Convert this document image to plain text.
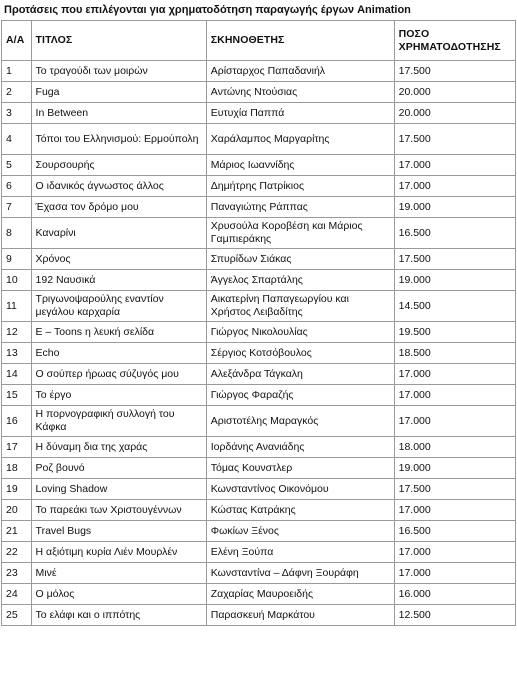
Προτάσεις που επιλέγονται για χρηματοδότηση παραγωγής έργων Animation
Α/Α	ΤΙΤΛΟΣ	ΣΚΗΝΟΘΕΤΗΣ	ΠΟΣΟ ΧΡΗΜΑΤΟΔΟΤΗΣΗΣ
1	Το τραγούδι των μοιρών	Αρίσταρχος Παπαδανιήλ	17.500
2	Fuga	Αντώνης Ντούσιας	20.000
3	In Between	Ευτυχία Παππά	20.000
4	Τόποι του Ελληνισμού: Ερμούπολη	Χαράλαμπος Μαργαρίτης	17.500
5	Σουρσουρής	Μάριος Ιωαννίδης	17.000
6	Ο ιδανικός άγνωστος άλλος	Δημήτρης Πατρίκιος	17.000
7	Έχασα τον δρόμο μου	Παναγιώτης Ράππας	19.000
8	Καναρίνι	Χρυσούλα Κοροβέση και Μάριος Γαμπιεράκης	16.500
9	Χρόνος	Σπυρίδων Σιάκας	17.500
10	192 Ναυσικά	Άγγελος Σπαρτάλης	19.000
11	Τριγωνοψαρούλης εναντίον μεγάλου καρχαρία	Αικατερίνη Παπαγεωργίου και Χρήστος Λειβαδίτης	14.500
12	E – Toons η λευκή σελίδα	Γιώργος Νικολουλίας	19.500
13	Echo	Σέργιος Κοτσόβουλος	18.500
14	Ο σούπερ ήρωας σύζυγός μου	Αλεξάνδρα Τάγκαλη	17.000
15	Το έργο	Γιώργος Φαραζής	17.000
16	Η πορνογραφική συλλογή του Κάφκα	Αριστοτέλης Μαραγκός	17.000
17	Η δύναμη δια της χαράς	Ιορδάνης Ανανιάδης	18.000
18	Ροζ βουνό	Τόμας Κουνστλερ	19.000
19	Loving Shadow	Κωνσταντίνος Οικονόμου	17.500
20	Το παρεάκι των Χριστουγέννων	Κώστας Κατράκης	17.000
21	Travel Bugs	Φωκίων Ξένος	16.500
22	Η αξιότιμη κυρία Λιέν Μουρλέν	Ελένη Ξούπα	17.000
23	Μινέ	Κωνσταντίνα – Δάφνη Ξουράφη	17.000
24	Ο μόλος	Ζαχαρίας Μαυροειδής	16.000
25	Το ελάφι και ο ιππότης	Παρασκευή Μαρκάτου	12.500
